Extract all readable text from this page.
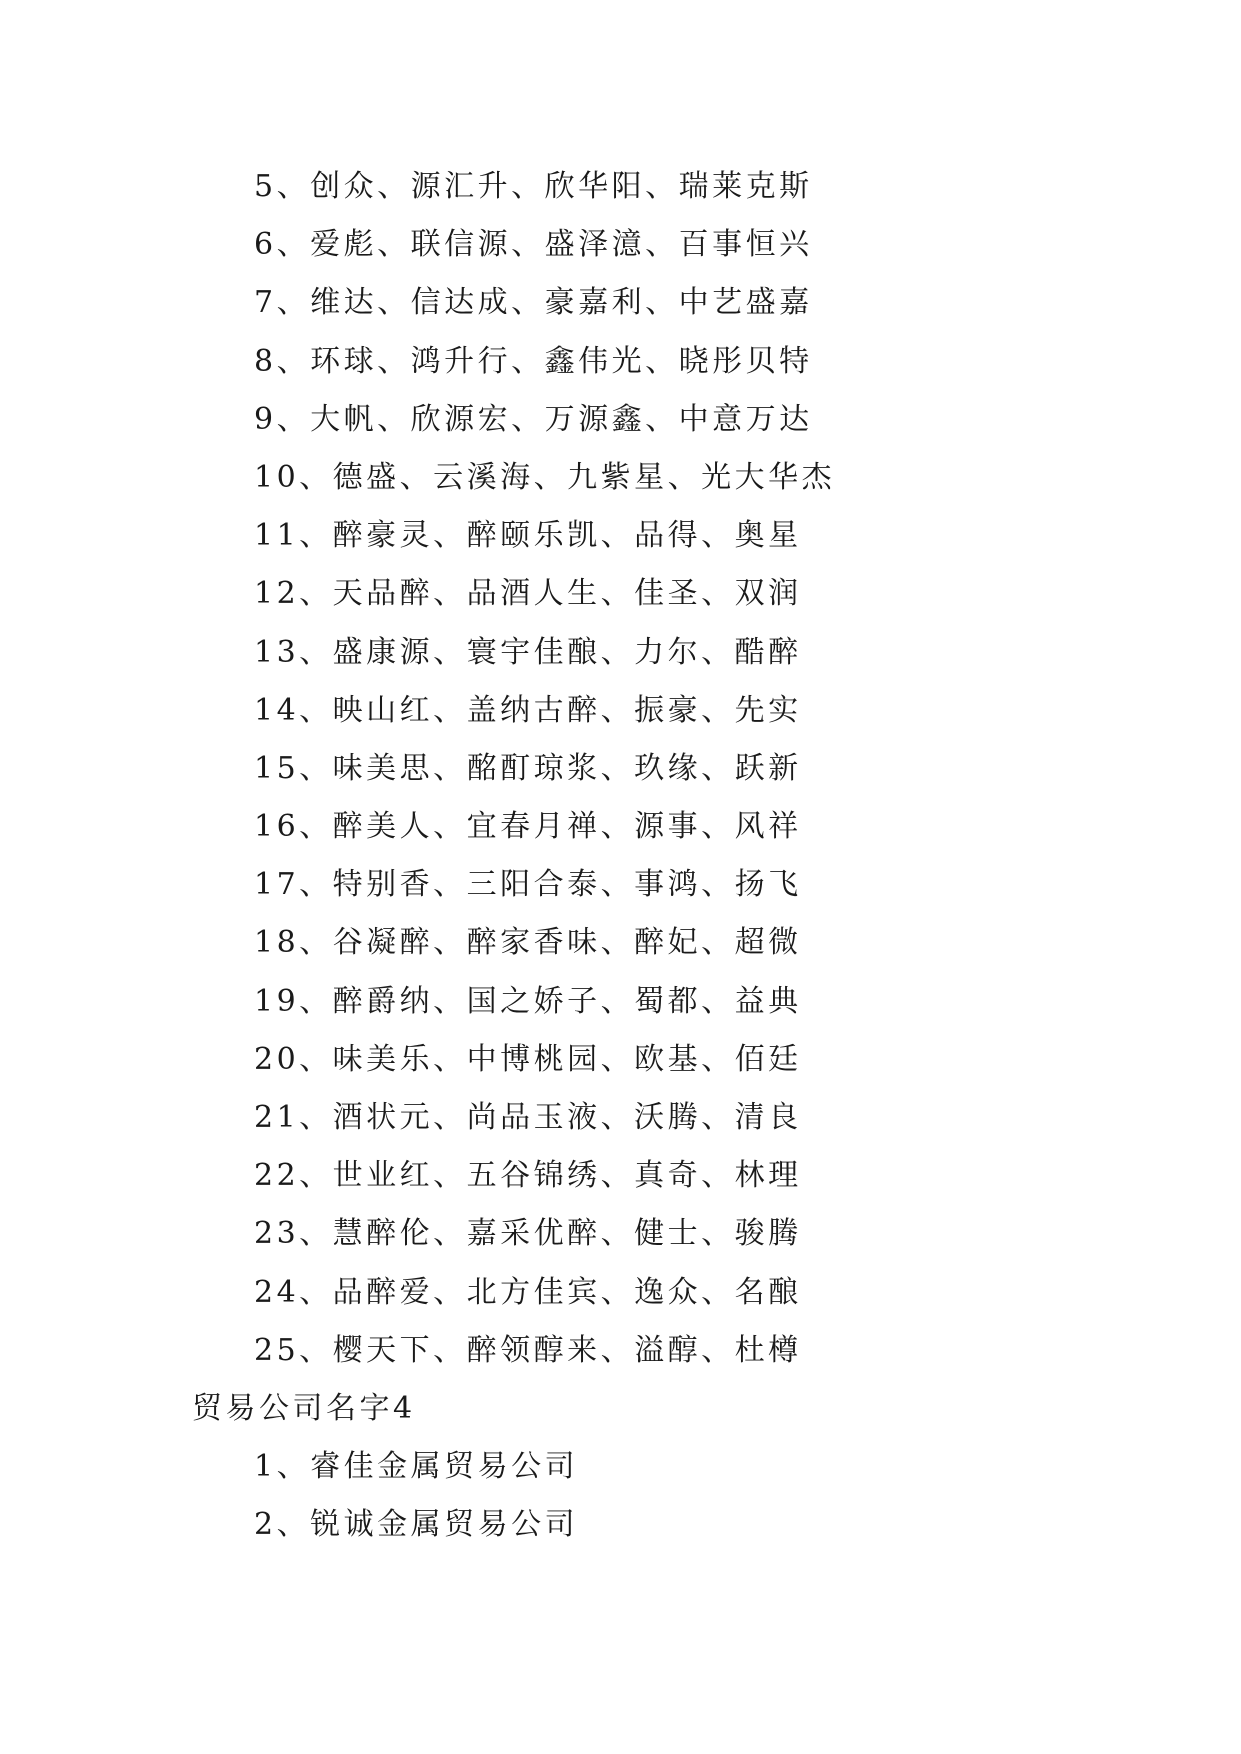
5、创众、源汇升、欣华阳、瑞莱克斯
6、爱彪、联信源、盛泽澺、百事恒兴
7、维达、信达成、豪嘉利、中艺盛嘉
8、环球、鸿升行、鑫伟光、晓彤贝特
9、大帆、欣源宏、万源鑫、中意万达
10、德盛、云溪海、九紫星、光大华杰
11、醉豪灵、醉颐乐凯、品得、奥星
12、天品醉、品酒人生、佳圣、双润
13、盛康源、寰宇佳酿、力尔、酷醉
14、映山红、盖纳古醉、振豪、先实
15、味美思、酩酊琼浆、玖缘、跃新
16、醉美人、宜春月禅、源事、风祥
17、特别香、三阳合泰、事鸿、扬飞
18、谷凝醉、醉家香味、醉妃、超微
19、醉爵纳、国之娇子、蜀都、益典
20、味美乐、中博桃园、欧基、佰廷
21、酒状元、尚品玉液、沃腾、清良
22、世业红、五谷锦绣、真奇、林理
23、慧醉伦、嘉采优醉、健士、骏腾
24、品醉爱、北方佳宾、逸众、名酿
25、樱天下、醉领醇来、溢醇、杜樽
贸易公司名字4
1、睿佳金属贸易公司
2、锐诚金属贸易公司
